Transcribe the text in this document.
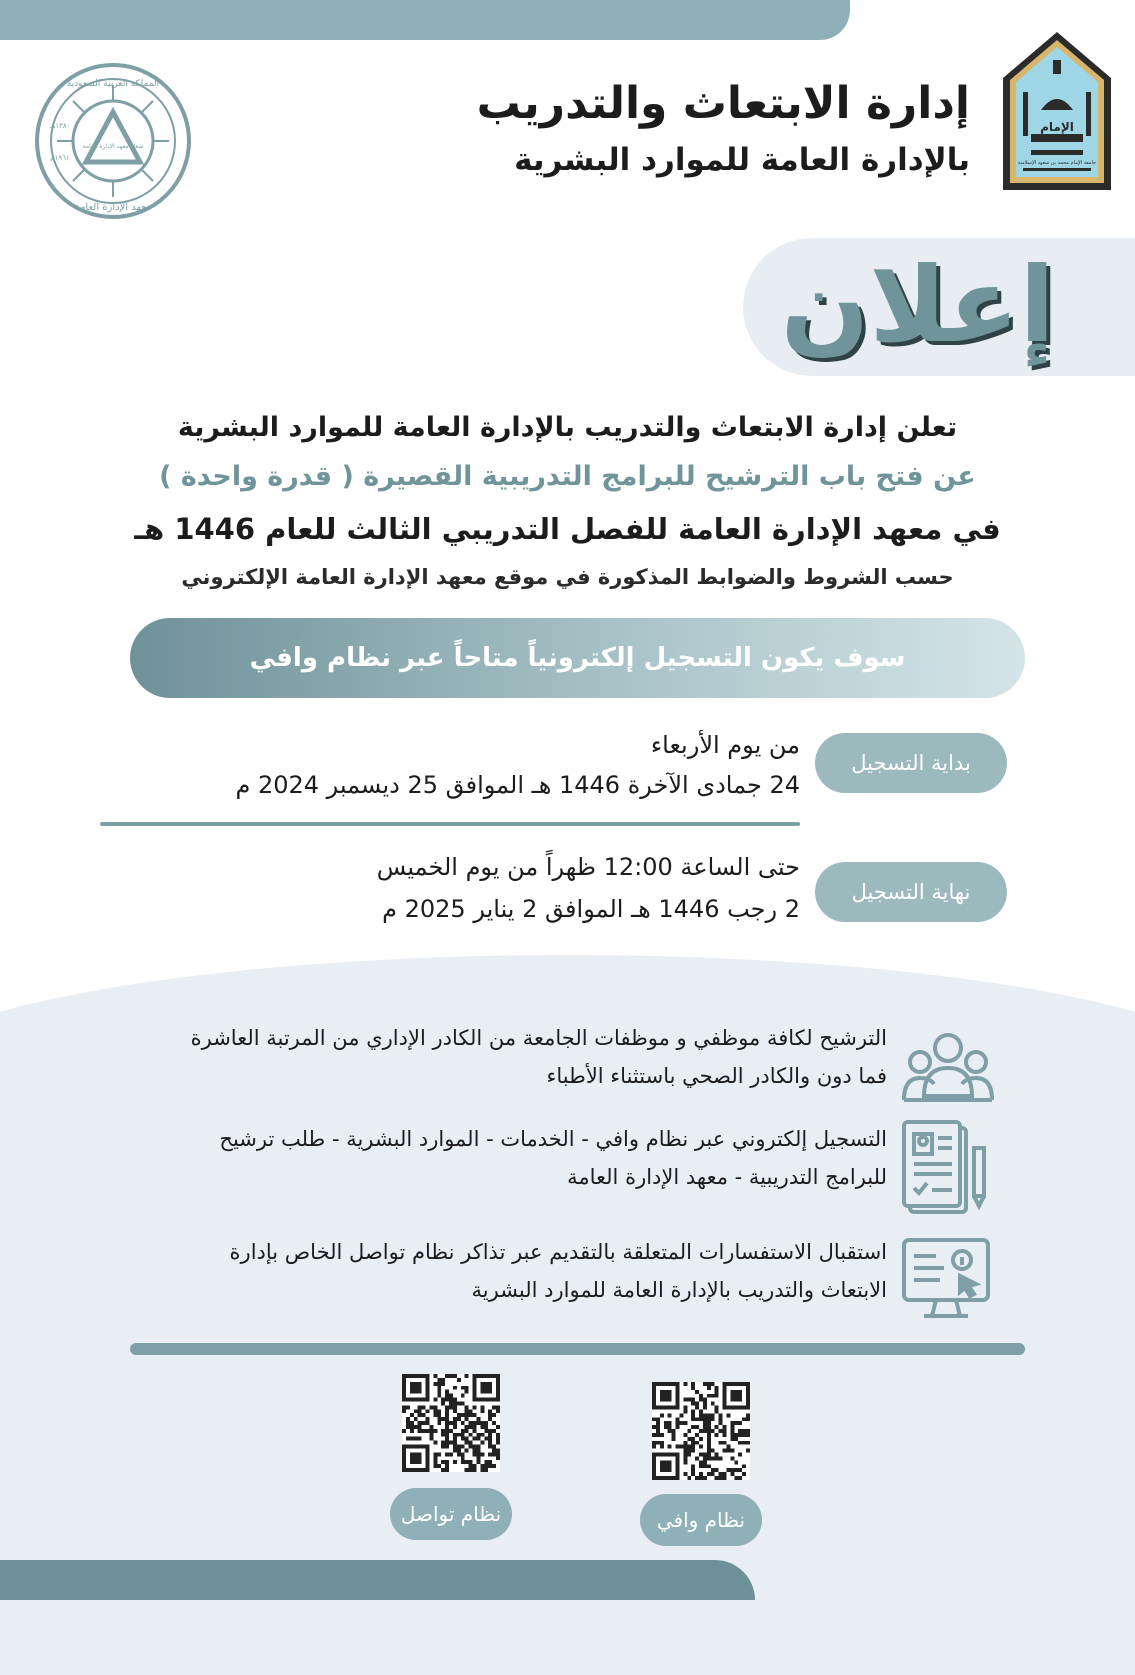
الإمام
جامعة الإمام محمد بن سعود الإسلامية
المملكة العربية السعودية
معهد الإدارة العامة
١٣٨٠هـ
١٩٦١م
شعار معهد الإدارة العامة
إدارة الابتعاث والتدريب
بالإدارة العامة للموارد البشرية
إعلان
تعلن إدارة الابتعاث والتدريب بالإدارة العامة للموارد البشرية
عن فتح باب الترشيح للبرامج التدريبية القصيرة ( قدرة واحدة )
في معهد الإدارة العامة للفصل التدريبي الثالث للعام 1446 هـ
حسب الشروط والضوابط المذكورة في موقع معهد الإدارة العامة الإلكتروني
سوف يكون التسجيل إلكترونياً متاحاً عبر نظام وافي
بداية التسجيل
من يوم الأربعاء
24 جمادى الآخرة 1446 هـ الموافق 25 ديسمبر 2024 م
نهاية التسجيل
حتى الساعة 12:00 ظهراً من يوم الخميس
2 رجب 1446 هـ الموافق 2 يناير 2025 م
الترشيح لكافة موظفي و موظفات الجامعة من الكادر الإداري من المرتبة العاشرة فما دون والكادر الصحي باستثناء الأطباء
التسجيل إلكتروني عبر نظام وافي - الخدمات - الموارد البشرية - طلب ترشيح للبرامج التدريبية - معهد الإدارة العامة
استقبال الاستفسارات المتعلقة بالتقديم عبر تذاكر نظام تواصل الخاص بإدارة الابتعاث والتدريب بالإدارة العامة للموارد البشرية
نظام وافي
نظام تواصل
